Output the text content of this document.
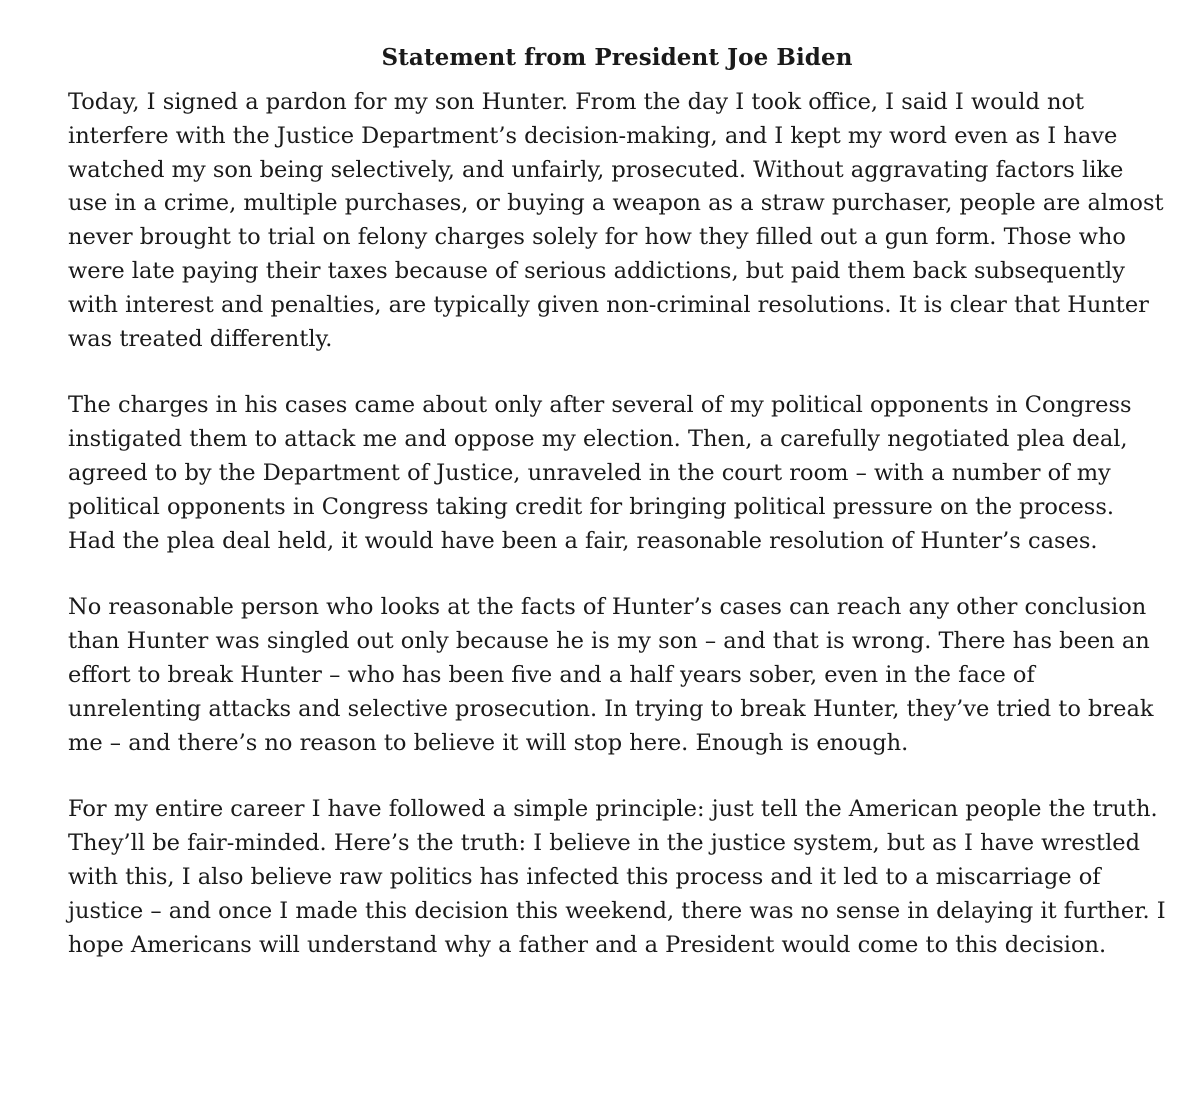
Statement from President Joe Biden

Today, I signed a pardon for my son Hunter. From the day I took office, I said I would not interfere with the Justice Department’s decision-making, and I kept my word even as I have watched my son being selectively, and unfairly, prosecuted. Without aggravating factors like use in a crime, multiple purchases, or buying a weapon as a straw purchaser, people are almost never brought to trial on felony charges solely for how they filled out a gun form. Those who were late paying their taxes because of serious addictions, but paid them back subsequently with interest and penalties, are typically given non-criminal resolutions. It is clear that Hunter was treated differently.

The charges in his cases came about only after several of my political opponents in Congress instigated them to attack me and oppose my election. Then, a carefully negotiated plea deal, agreed to by the Department of Justice, unraveled in the court room – with a number of my political opponents in Congress taking credit for bringing political pressure on the process. Had the plea deal held, it would have been a fair, reasonable resolution of Hunter’s cases.

No reasonable person who looks at the facts of Hunter’s cases can reach any other conclusion than Hunter was singled out only because he is my son – and that is wrong. There has been an effort to break Hunter – who has been five and a half years sober, even in the face of unrelenting attacks and selective prosecution. In trying to break Hunter, they’ve tried to break me – and there’s no reason to believe it will stop here. Enough is enough.

For my entire career I have followed a simple principle: just tell the American people the truth. They’ll be fair-minded. Here’s the truth: I believe in the justice system, but as I have wrestled with this, I also believe raw politics has infected this process and it led to a miscarriage of justice – and once I made this decision this weekend, there was no sense in delaying it further. I hope Americans will understand why a father and a President would come to this decision.
